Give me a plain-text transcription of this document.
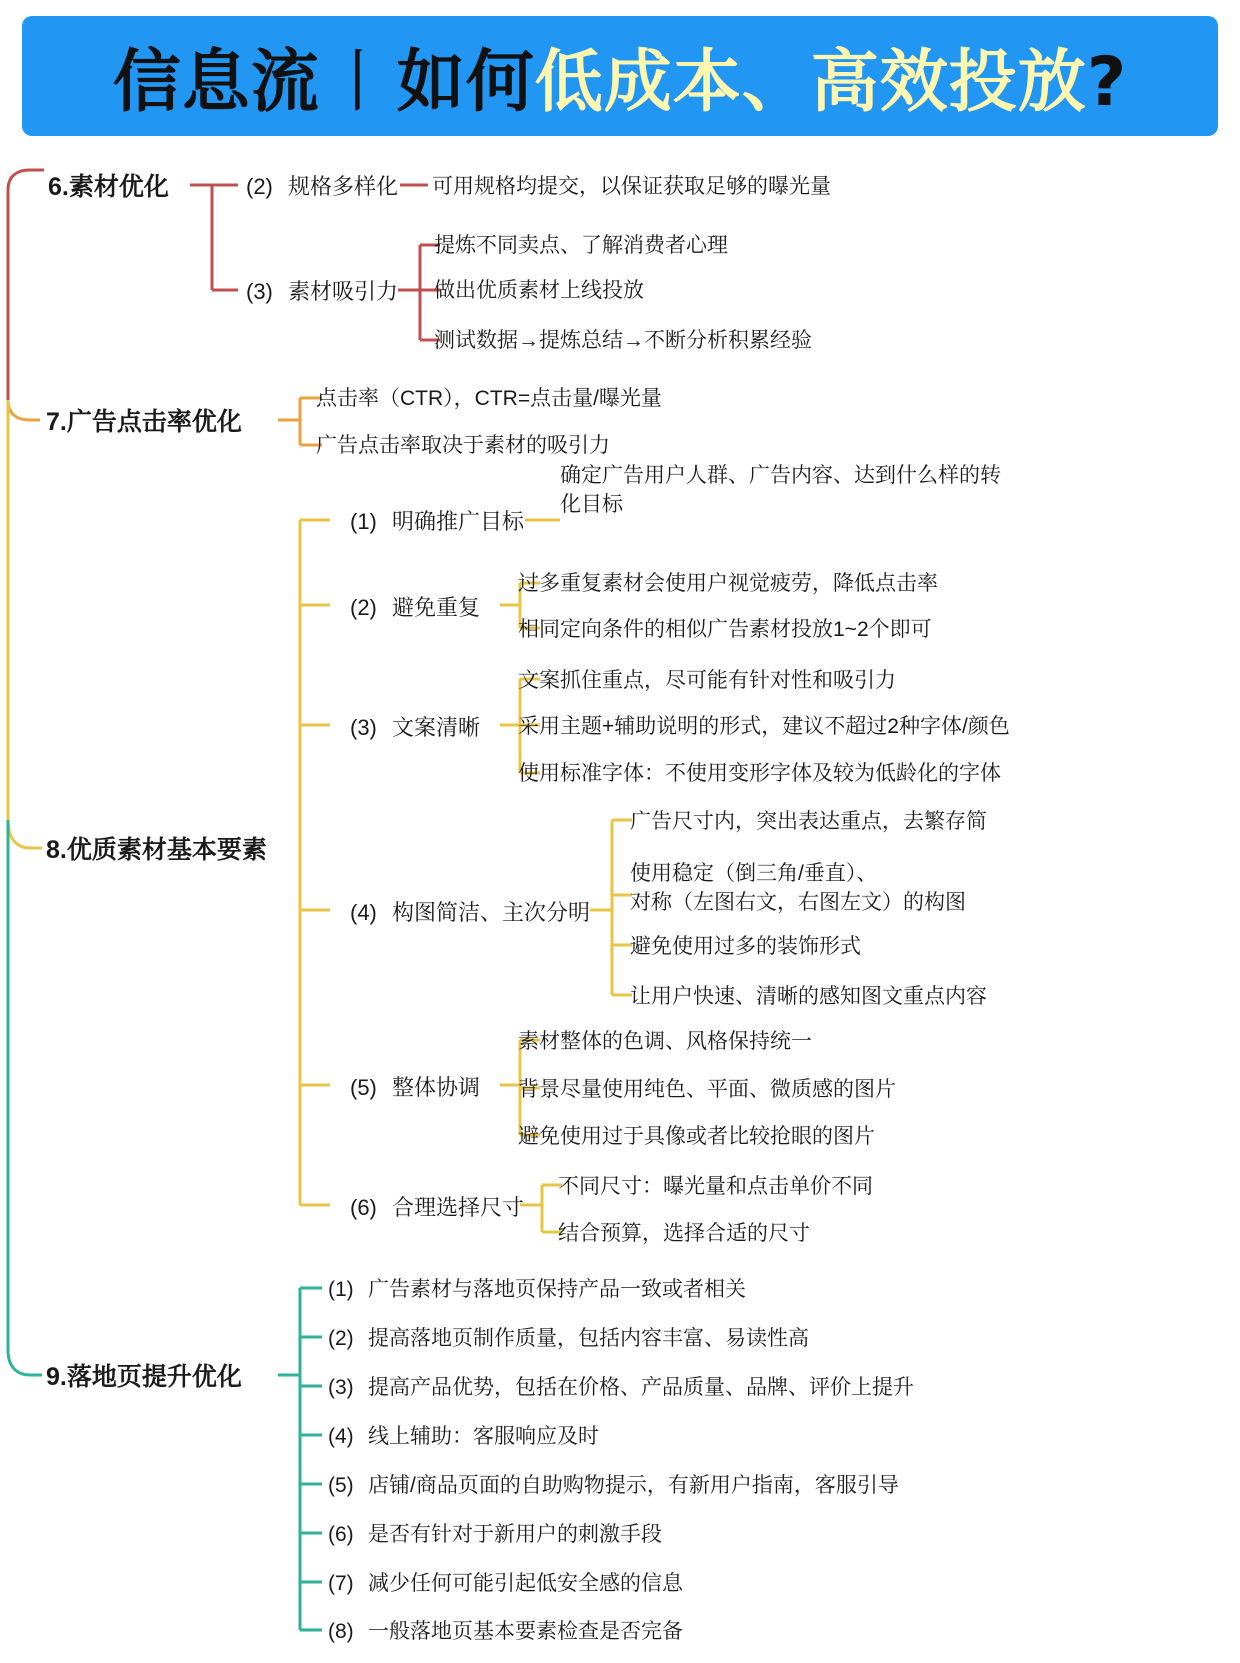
信息流丨如何低成本、高效投放?
6.素材优化	(2) 规格多样化 可用规格均提交，以保证获取足够的曝光量
(3) 素材吸引力
提炼不同卖点、了解消费者心理
做出优质素材上线投放
测试数据→提炼总结→不断分析积累经验
7.广告点击率优化
点击率（CTR），CTR=点击量/曝光量
广告点击率取决于素材的吸引力
8.优质素材基本要素
(1) 明确推广目标
确定广告用户人群、广告内容、达到什么样的转化目标
(2) 避免重复
过多重复素材会使用户视觉疲劳，降低点击率
相同定向条件的相似广告素材投放1~2个即可
(3) 文案清晰
文案抓住重点，尽可能有针对性和吸引力
采用主题+辅助说明的形式，建议不超过2种字体/颜色
使用标准字体：不使用变形字体及较为低龄化的字体
(4) 构图简洁、主次分明
广告尺寸内，突出表达重点，去繁存简
使用稳定（倒三角/垂直）、
对称（左图右文，右图左文）的构图
避免使用过多的装饰形式
让用户快速、清晰的感知图文重点内容
(5) 整体协调
素材整体的色调、风格保持统一
背景尽量使用纯色、平面、微质感的图片
避免使用过于具像或者比较抢眼的图片
(6) 合理选择尺寸
不同尺寸：曝光量和点击单价不同
结合预算，选择合适的尺寸
9.落地页提升优化
(1) 广告素材与落地页保持产品一致或者相关
(2) 提高落地页制作质量，包括内容丰富、易读性高
(3) 提高产品优势，包括在价格、产品质量、品牌、评价上提升
(4) 线上辅助：客服响应及时
(5) 店铺/商品页面的自助购物提示，有新用户指南，客服引导
(6) 是否有针对于新用户的刺激手段
(7) 减少任何可能引起低安全感的信息
(8) 一般落地页基本要素检查是否完备
